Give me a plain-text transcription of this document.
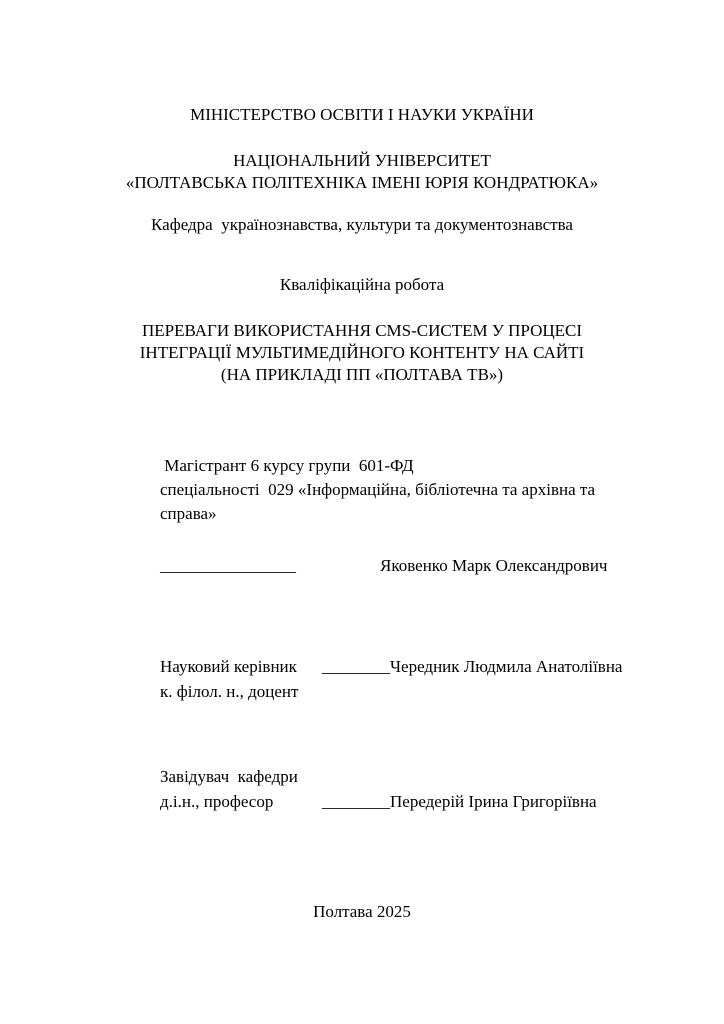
МІНІСТЕРСТВО ОСВІТИ І НАУКИ УКРАЇНИ
НАЦІОНАЛЬНИЙ УНІВЕРСИТЕТ
«ПОЛТАВСЬКА ПОЛІТЕХНІКА ІМЕНІ ЮРІЯ КОНДРАТЮКА»
Кафедра  українознавства, культури та документознавства
Кваліфікаційна робота
ПЕРЕВАГИ ВИКОРИСТАННЯ CMS-СИСТЕМ У ПРОЦЕСІ
ІНТЕГРАЦІЇ МУЛЬТИМЕДІЙНОГО КОНТЕНТУ НА САЙТІ
(НА ПРИКЛАДІ ПП «ПОЛТАВА ТВ»)
Магістрант 6 курсу групи  601-ФД
спеціальності  029 «Інформаційна, бібліотечна та архівна та
справа»
________________	Яковенко Марк Олександрович
Науковий керівник ________Чередник Людмила Анатоліївна
к. філол. н., доцент
Завідувач  кафедри
д.і.н., професор	________Передерій Ірина Григоріївна
Полтава 2025
